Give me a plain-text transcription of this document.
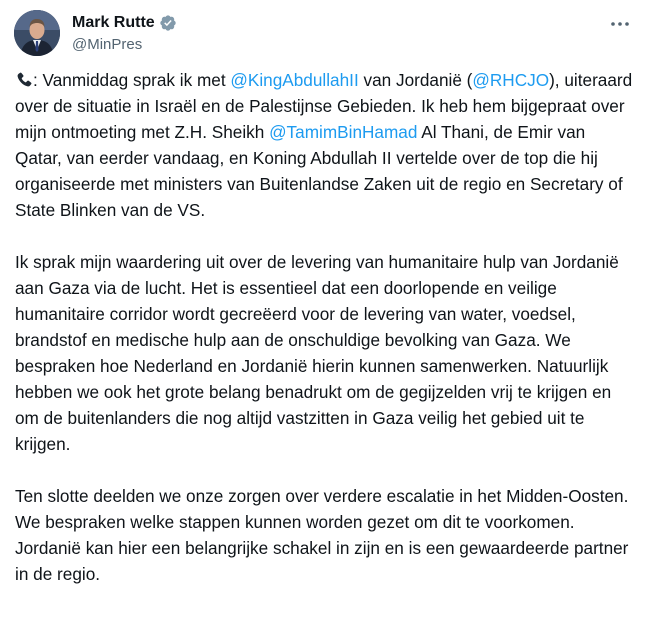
Mark Rutte
@MinPres

: Vanmiddag sprak ik met @KingAbdullahII van Jordanië (@RHCJO), uiteraard over de situatie in Israël en de Palestijnse Gebieden. Ik heb hem bijgepraat over mijn ontmoeting met Z.H. Sheikh @TamimBinHamad Al Thani, de Emir van Qatar, van eerder vandaag, en Koning Abdullah II vertelde over de top die hij organiseerde met ministers van Buitenlandse Zaken uit de regio en Secretary of State Blinken van de VS.

Ik sprak mijn waardering uit over de levering van humanitaire hulp van Jordanië aan Gaza via de lucht. Het is essentieel dat een doorlopende en veilige humanitaire corridor wordt gecreëerd voor de levering van water, voedsel, brandstof en medische hulp aan de onschuldige bevolking van Gaza. We bespraken hoe Nederland en Jordanië hierin kunnen samenwerken. Natuurlijk hebben we ook het grote belang benadrukt om de gegijzelden vrij te krijgen en om de buitenlanders die nog altijd vastzitten in Gaza veilig het gebied uit te krijgen.

Ten slotte deelden we onze zorgen over verdere escalatie in het Midden-Oosten. We bespraken welke stappen kunnen worden gezet om dit te voorkomen. Jordanië kan hier een belangrijke schakel in zijn en is een gewaardeerde partner in de regio.
